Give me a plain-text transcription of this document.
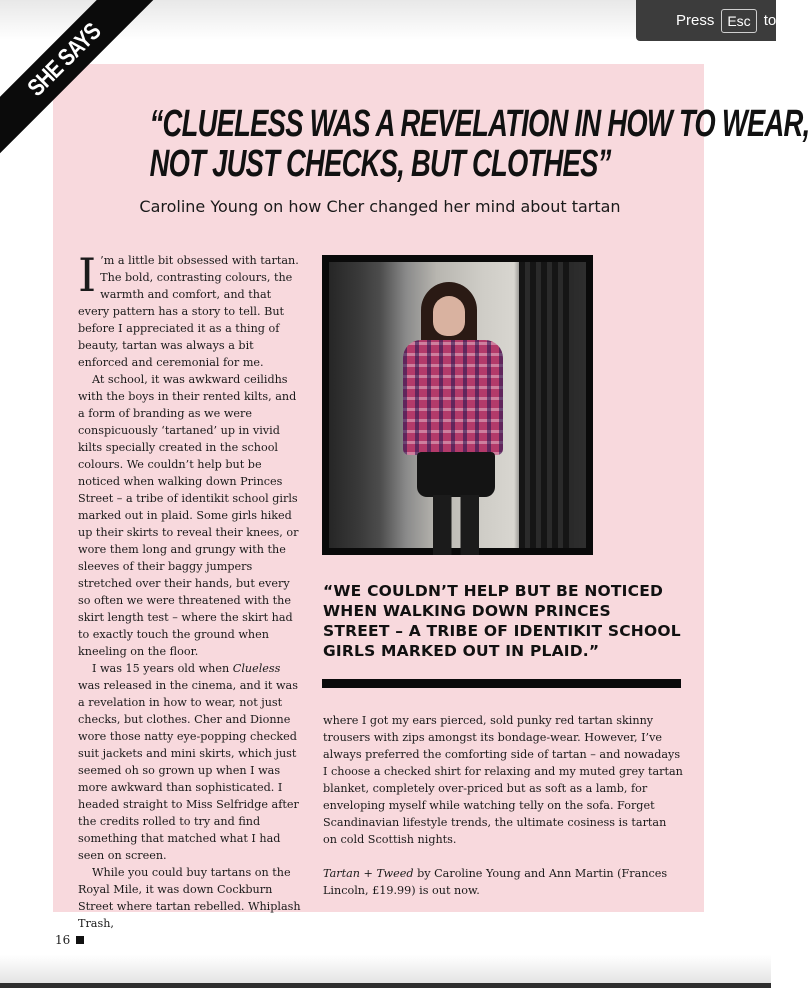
Press Esc to
SHE SAYS
“CLUELESS WAS A REVELATION IN HOW TO WEAR,
NOT JUST CHECKS, BUT CLOTHES”
Caroline Young on how Cher changed her mind about tartan

I ’m a little bit obsessed with tartan. The bold, contrasting colours, the warmth and comfort, and that every pattern has a story to tell. But before I appreciated it as a thing of beauty, tartan was always a bit enforced and ceremonial for me.

At school, it was awkward ceilidhs with the boys in their rented kilts, and a form of branding as we were conspicuously ‘tartaned’ up in vivid kilts specially created in the school colours. We couldn’t help but be noticed when walking down Princes Street – a tribe of identikit school girls marked out in plaid. Some girls hiked up their skirts to reveal their knees, or wore them long and grungy with the sleeves of their baggy jumpers stretched over their hands, but every so often we were threatened with the skirt length test – where the skirt had to exactly touch the ground when kneeling on the floor.

I was 15 years old when Clueless was released in the cinema, and it was a revelation in how to wear, not just checks, but clothes. Cher and Dionne wore those natty eye-popping checked suit jackets and mini skirts, which just seemed oh so grown up when I was more awkward than sophisticated. I headed straight to Miss Selfridge after the credits rolled to try and find something that matched what I had seen on screen.

While you could buy tartans on the Royal Mile, it was down Cockburn Street where tartan rebelled. Whiplash Trash,

“WE COULDN’T HELP BUT BE NOTICED WHEN WALKING DOWN PRINCES STREET – A TRIBE OF IDENTIKIT SCHOOL GIRLS MARKED OUT IN PLAID.”

where I got my ears pierced, sold punky red tartan skinny trousers with zips amongst its bondage-wear. However, I’ve always preferred the comforting side of tartan – and nowadays I choose a checked shirt for relaxing and my muted grey tartan blanket, completely over-priced but as soft as a lamb, for enveloping myself while watching telly on the sofa. Forget Scandinavian lifestyle trends, the ultimate cosiness is tartan on cold Scottish nights.

Tartan + Tweed by Caroline Young and Ann Martin (Frances Lincoln, £19.99) is out now.

16
